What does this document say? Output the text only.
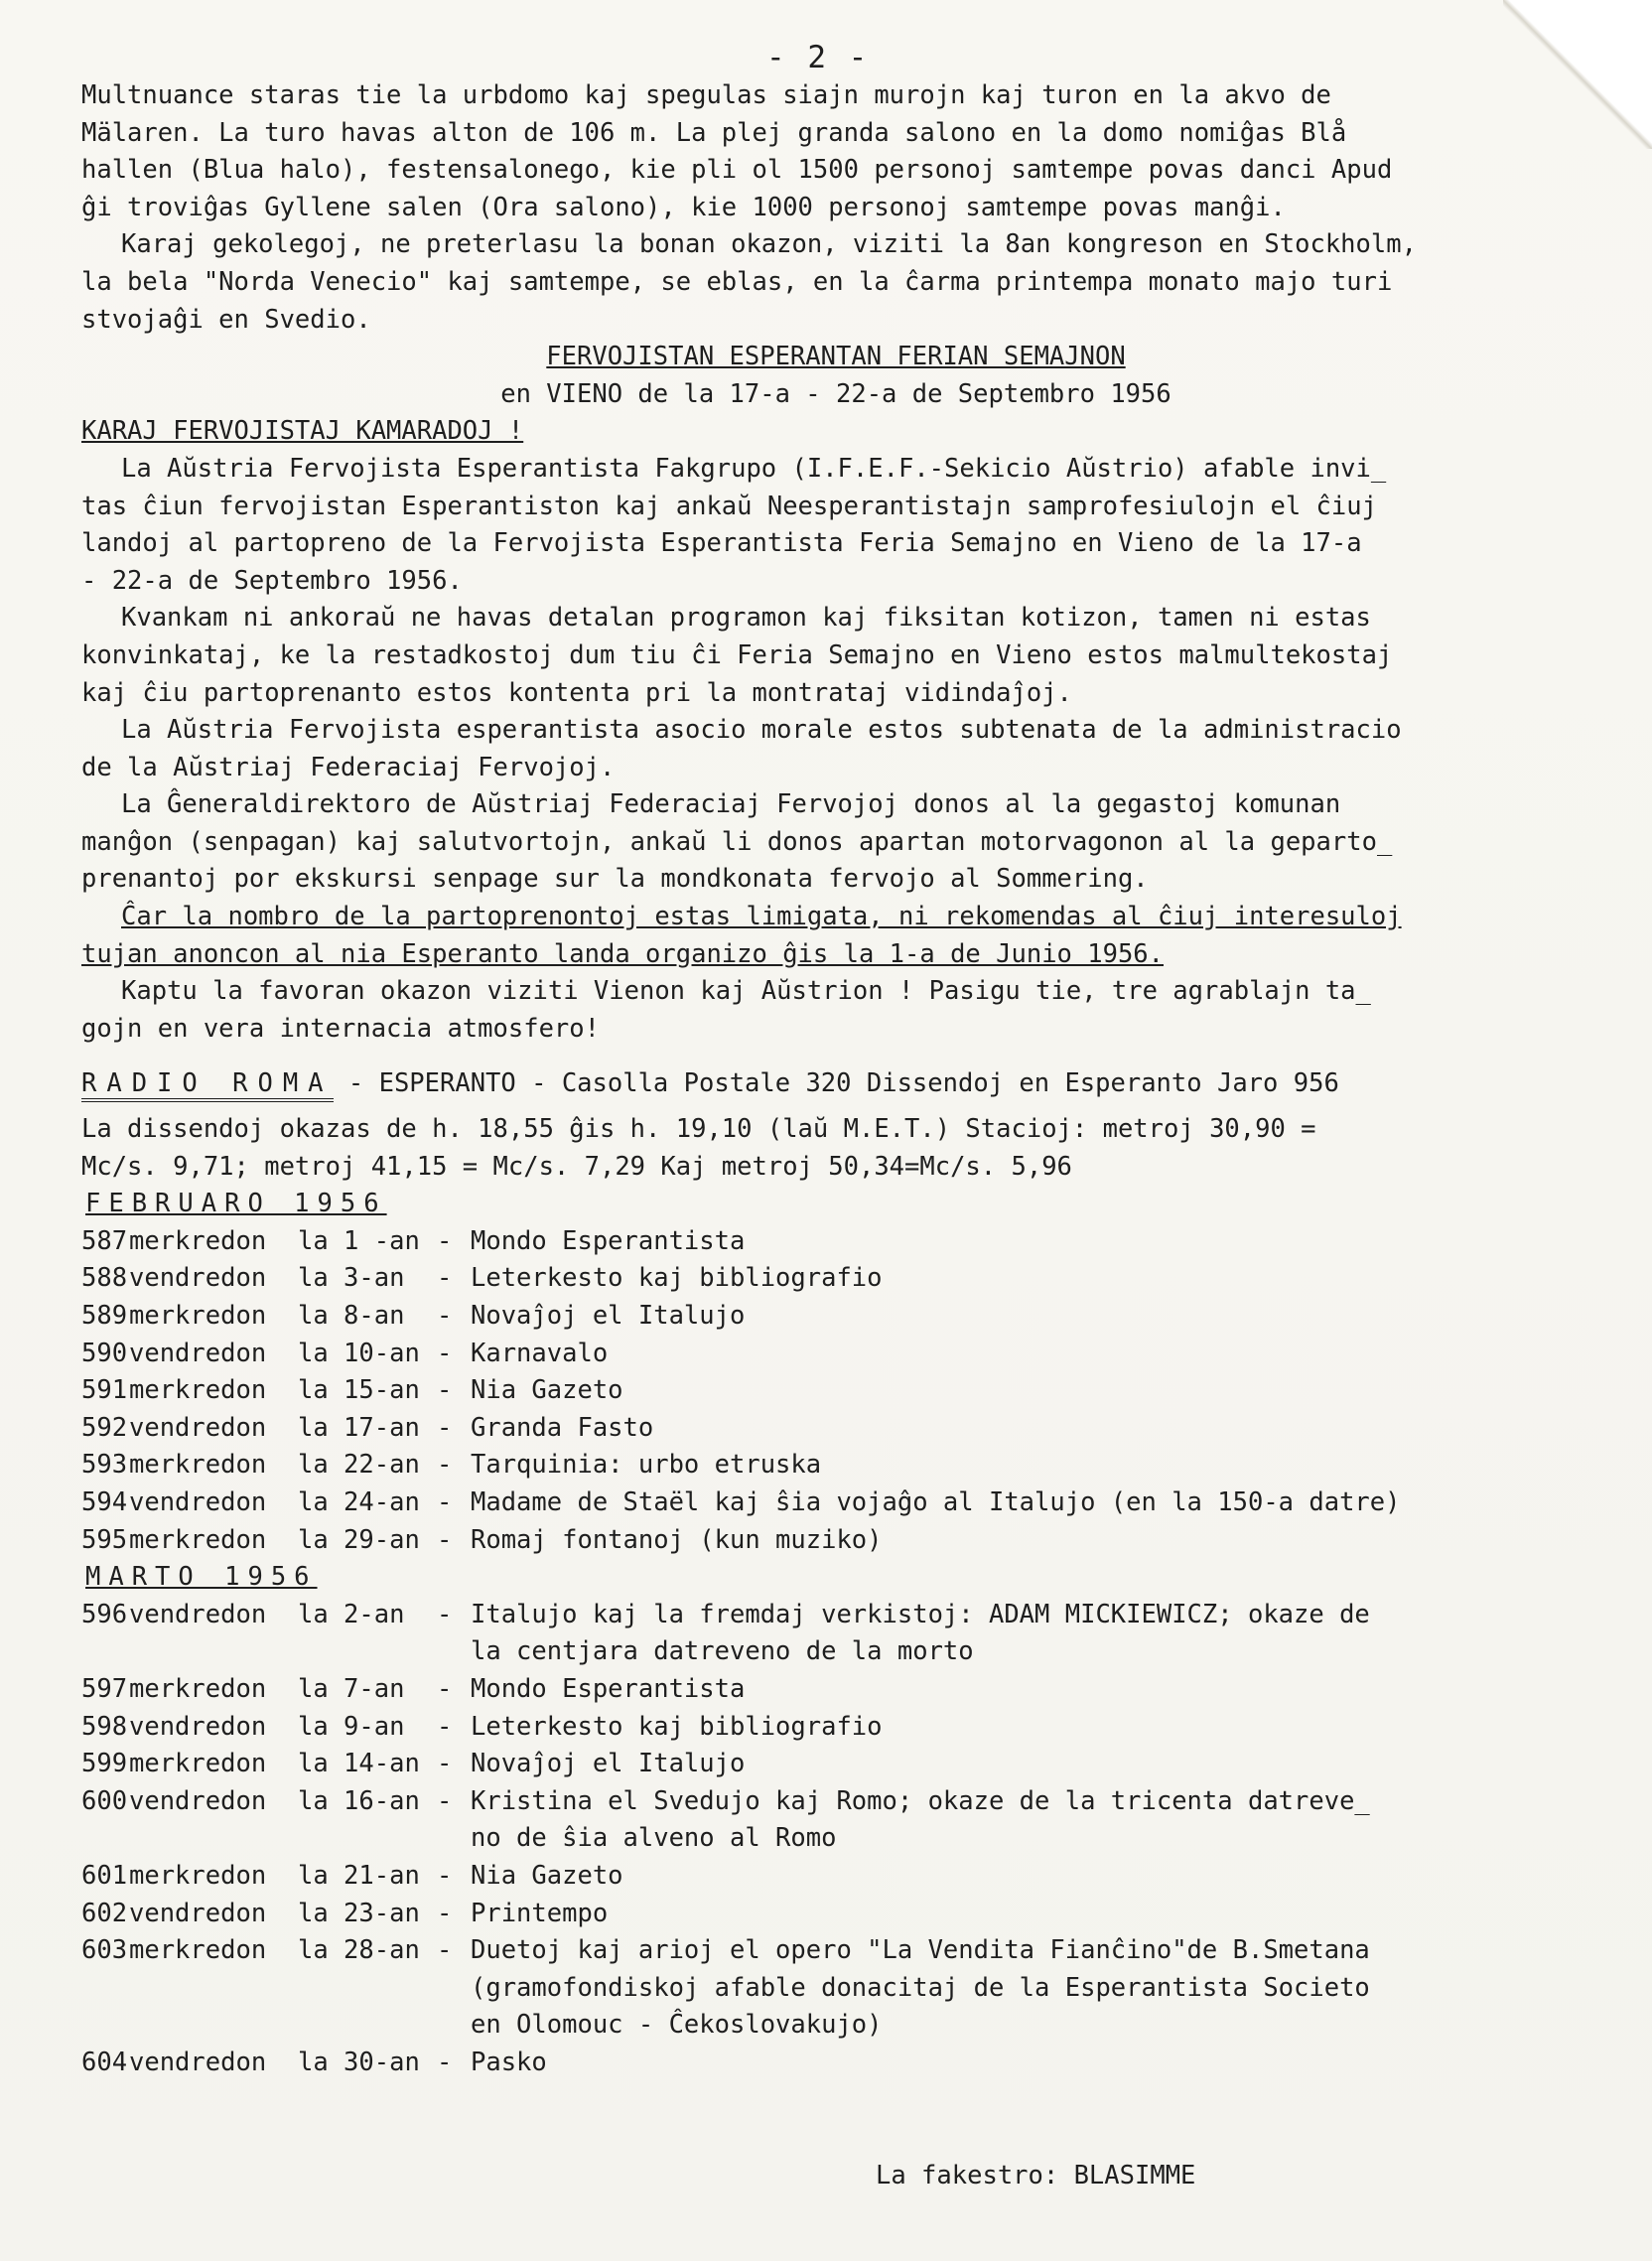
- 2 -
Multnuance staras tie la urbdomo kaj spegulas siajn murojn kaj turon en la akvo de
Mälaren. La turo havas alton de 106 m. La plej granda salono en la domo nomiĝas Blå
hallen (Blua halo), festensalonego, kie pli ol 1500 personoj samtempe povas danci Apud
ĝi troviĝas Gyllene salen (Ora salono), kie 1000 personoj samtempe povas manĝi.
Karaj gekolegoj, ne preterlasu la bonan okazon, viziti la 8an kongreson en Stockholm,
la bela "Norda Venecio" kaj samtempe, se eblas, en la ĉarma printempa monato majo turi
stvojaĝi en Svedio.
FERVOJISTAN ESPERANTAN FERIAN SEMAJNON
en VIENO de la 17-a - 22-a de Septembro 1956
KARAJ FERVOJISTAJ KAMARADOJ !
La Aŭstria Fervojista Esperantista Fakgrupo (I.F.E.F.-Sekicio Aŭstrio) afable invi_
tas ĉiun fervojistan Esperantiston kaj ankaŭ Neesperantistajn samprofesiulojn el ĉiuj
landoj al partopreno de la Fervojista Esperantista Feria Semajno en Vieno de la 17-a
- 22-a de Septembro 1956.
Kvankam ni ankoraŭ ne havas detalan programon kaj fiksitan kotizon, tamen ni estas
konvinkataj, ke la restadkostoj dum tiu ĉi Feria Semajno en Vieno estos malmultekostaj
kaj ĉiu partoprenanto estos kontenta pri la montrataj vidindaĵoj.
La Aŭstria Fervojista esperantista asocio morale estos subtenata de la administracio
de la Aŭstriaj Federaciaj Fervojoj.
La Ĝeneraldirektoro de Aŭstriaj Federaciaj Fervojoj donos al la gegastoj komunan
manĝon (senpagan) kaj salutvortojn, ankaŭ li donos apartan motorvagonon al la geparto_
prenantoj por ekskursi senpage sur la mondkonata fervojo al Sommering.
Ĉar la nombro de la partoprenontoj estas limigata, ni rekomendas al ĉiuj interesuloj
tujan anoncon al nia Esperanto landa organizo ĝis la 1-a de Junio 1956.
Kaptu la favoran okazon viziti Vienon kaj Aŭstrion ! Pasigu tie, tre agrablajn ta_
gojn en vera internacia atmosfero!
RADIO ROMA - ESPERANTO - Casolla Postale 320 Dissendoj en Esperanto Jaro 956
La dissendoj okazas de h. 18,55 ĝis h. 19,10 (laŭ M.E.T.) Stacioj: metroj 30,90 =
Mc/s. 9,71; metroj 41,15 = Mc/s. 7,29 Kaj metroj 50,34=Mc/s. 5,96
FEBRUARO 1956
587 merkredon	la 1 -an - Mondo Esperantista
588 vendredon	la 3-an	- Leterkesto kaj bibliografio
589 merkredon	la 8-an	- Novaĵoj el Italujo
590 vendredon	la 10-an - Karnavalo
591 merkredon	la 15-an - Nia Gazeto
592 vendredon	la 17-an - Granda Fasto
593 merkredon	la 22-an - Tarquinia: urbo etruska
594 vendredon	la 24-an - Madame de Staël kaj ŝia vojaĝo al Italujo (en la 150-a datre)
595 merkredon	la 29-an - Romaj fontanoj (kun muziko)
MARTO 1956
596 vendredon	la 2-an	- Italujo kaj la fremdaj verkistoj: ADAM MICKIEWICZ; okaze de
la centjara datreveno de la morto
597 merkredon	la 7-an	- Mondo Esperantista
598 vendredon	la 9-an	- Leterkesto kaj bibliografio
599 merkredon	la 14-an - Novaĵoj el Italujo
600 vendredon	la 16-an - Kristina el Svedujo kaj Romo; okaze de la tricenta datreve_
no de ŝia alveno al Romo
601 merkredon	la 21-an - Nia Gazeto
602 vendredon	la 23-an - Printempo
603 merkredon	la 28-an - Duetoj kaj arioj el opero "La Vendita Fianĉino"de B.Smetana
(gramofondiskoj afable donacitaj de la Esperantista Societo
en Olomouc - Ĉekoslovakujo)
604 vendredon	la 30-an - Pasko
La fakestro: BLASIMME
